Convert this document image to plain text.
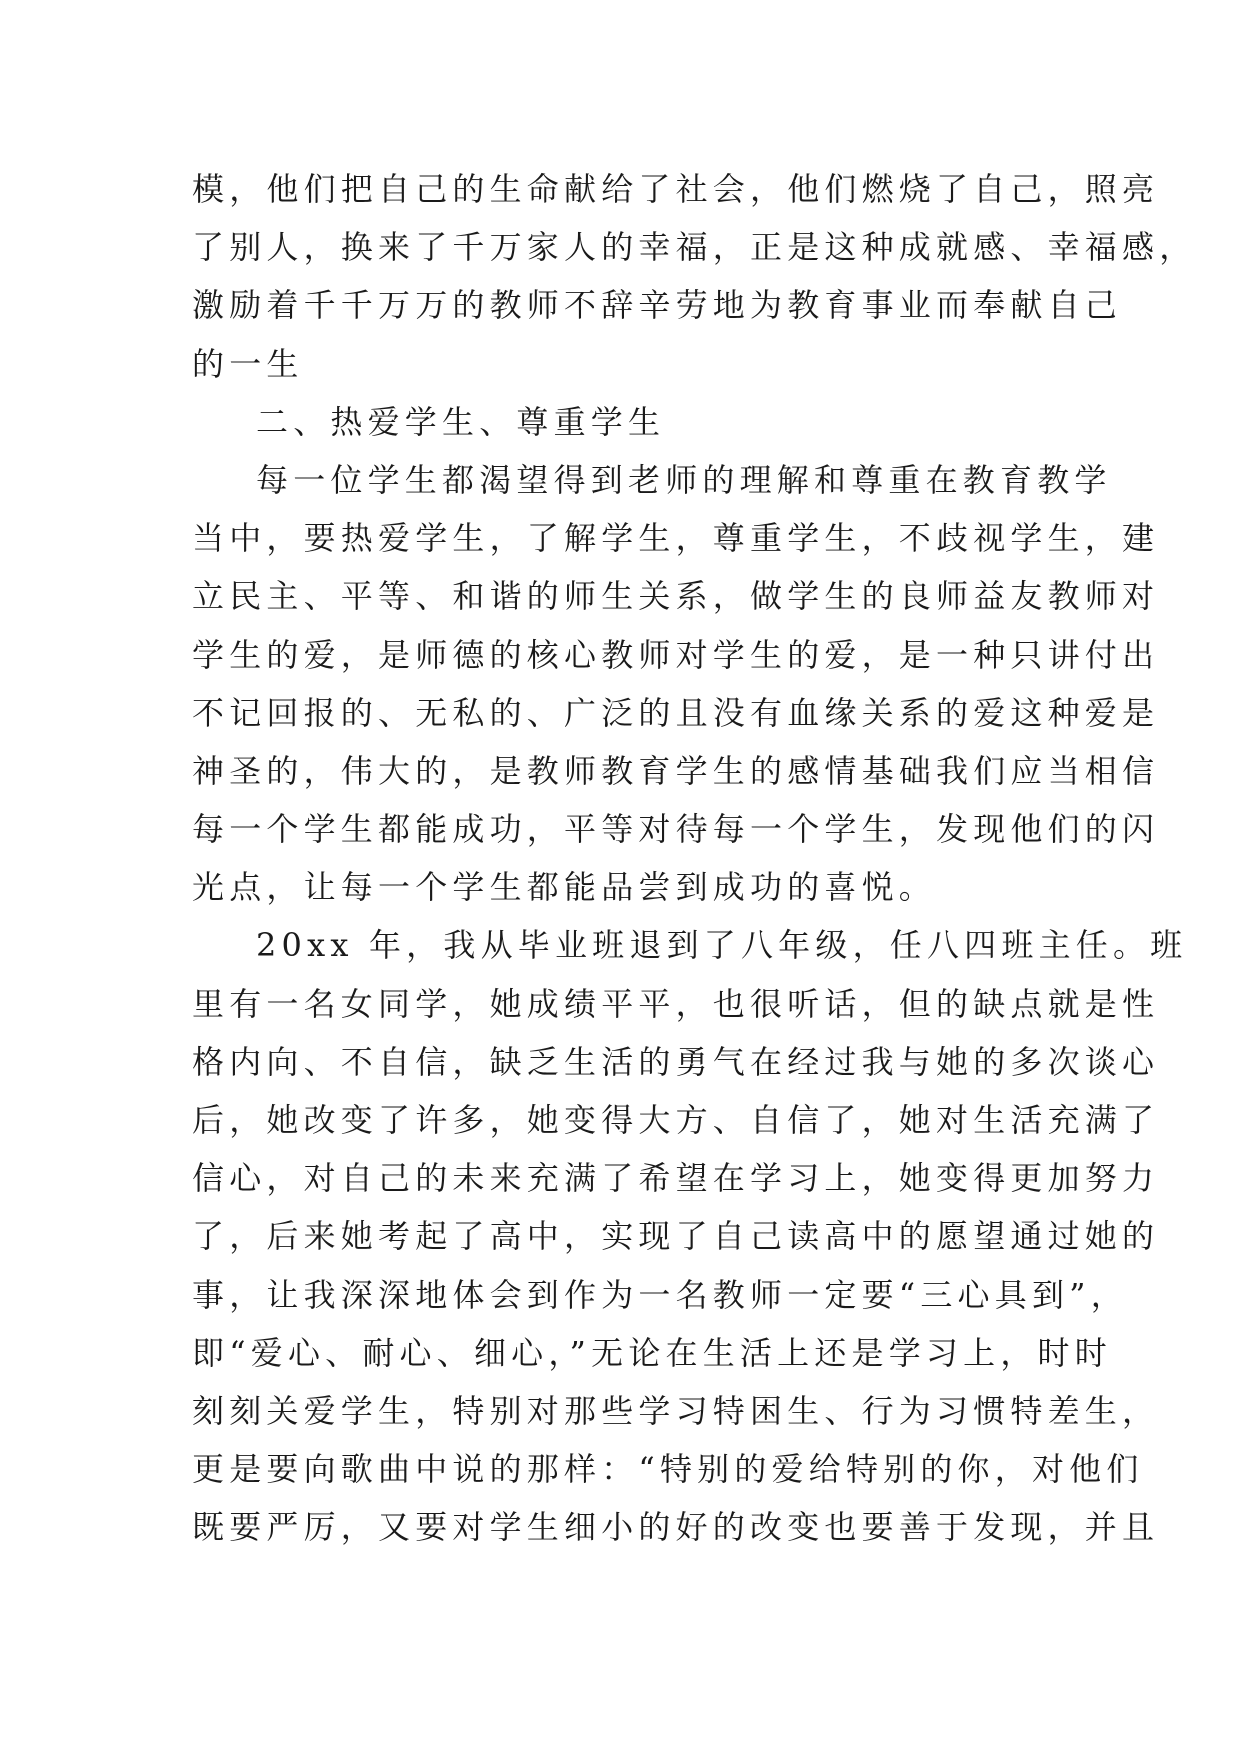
模，他们把自己的生命献给了社会，他们燃烧了自己，照亮
了别人，换来了千万家人的幸福，正是这种成就感、幸福感，
激励着千千万万的教师不辞辛劳地为教育事业而奉献自己
的一生
二、热爱学生、尊重学生
每一位学生都渴望得到老师的理解和尊重在教育教学
当中，要热爱学生，了解学生，尊重学生，不歧视学生，建
立民主、平等、和谐的师生关系，做学生的良师益友教师对
学生的爱，是师德的核心教师对学生的爱，是一种只讲付出
不记回报的、无私的、广泛的且没有血缘关系的爱这种爱是
神圣的，伟大的，是教师教育学生的感情基础我们应当相信
每一个学生都能成功，平等对待每一个学生，发现他们的闪
光点，让每一个学生都能品尝到成功的喜悦。
20xx 年，我从毕业班退到了八年级，任八四班主任。班
里有一名女同学，她成绩平平，也很听话，但的缺点就是性
格内向、不自信，缺乏生活的勇气在经过我与她的多次谈心
后，她改变了许多，她变得大方、自信了，她对生活充满了
信心，对自己的未来充满了希望在学习上，她变得更加努力
了，后来她考起了高中，实现了自己读高中的愿望通过她的
事，让我深深地体会到作为一名教师一定要“三心具到”，
即“爱心、耐心、细心，”无论在生活上还是学习上，时时
刻刻关爱学生，特别对那些学习特困生、行为习惯特差生，
更是要向歌曲中说的那样：“特别的爱给特别的你，对他们
既要严厉，又要对学生细小的好的改变也要善于发现，并且
